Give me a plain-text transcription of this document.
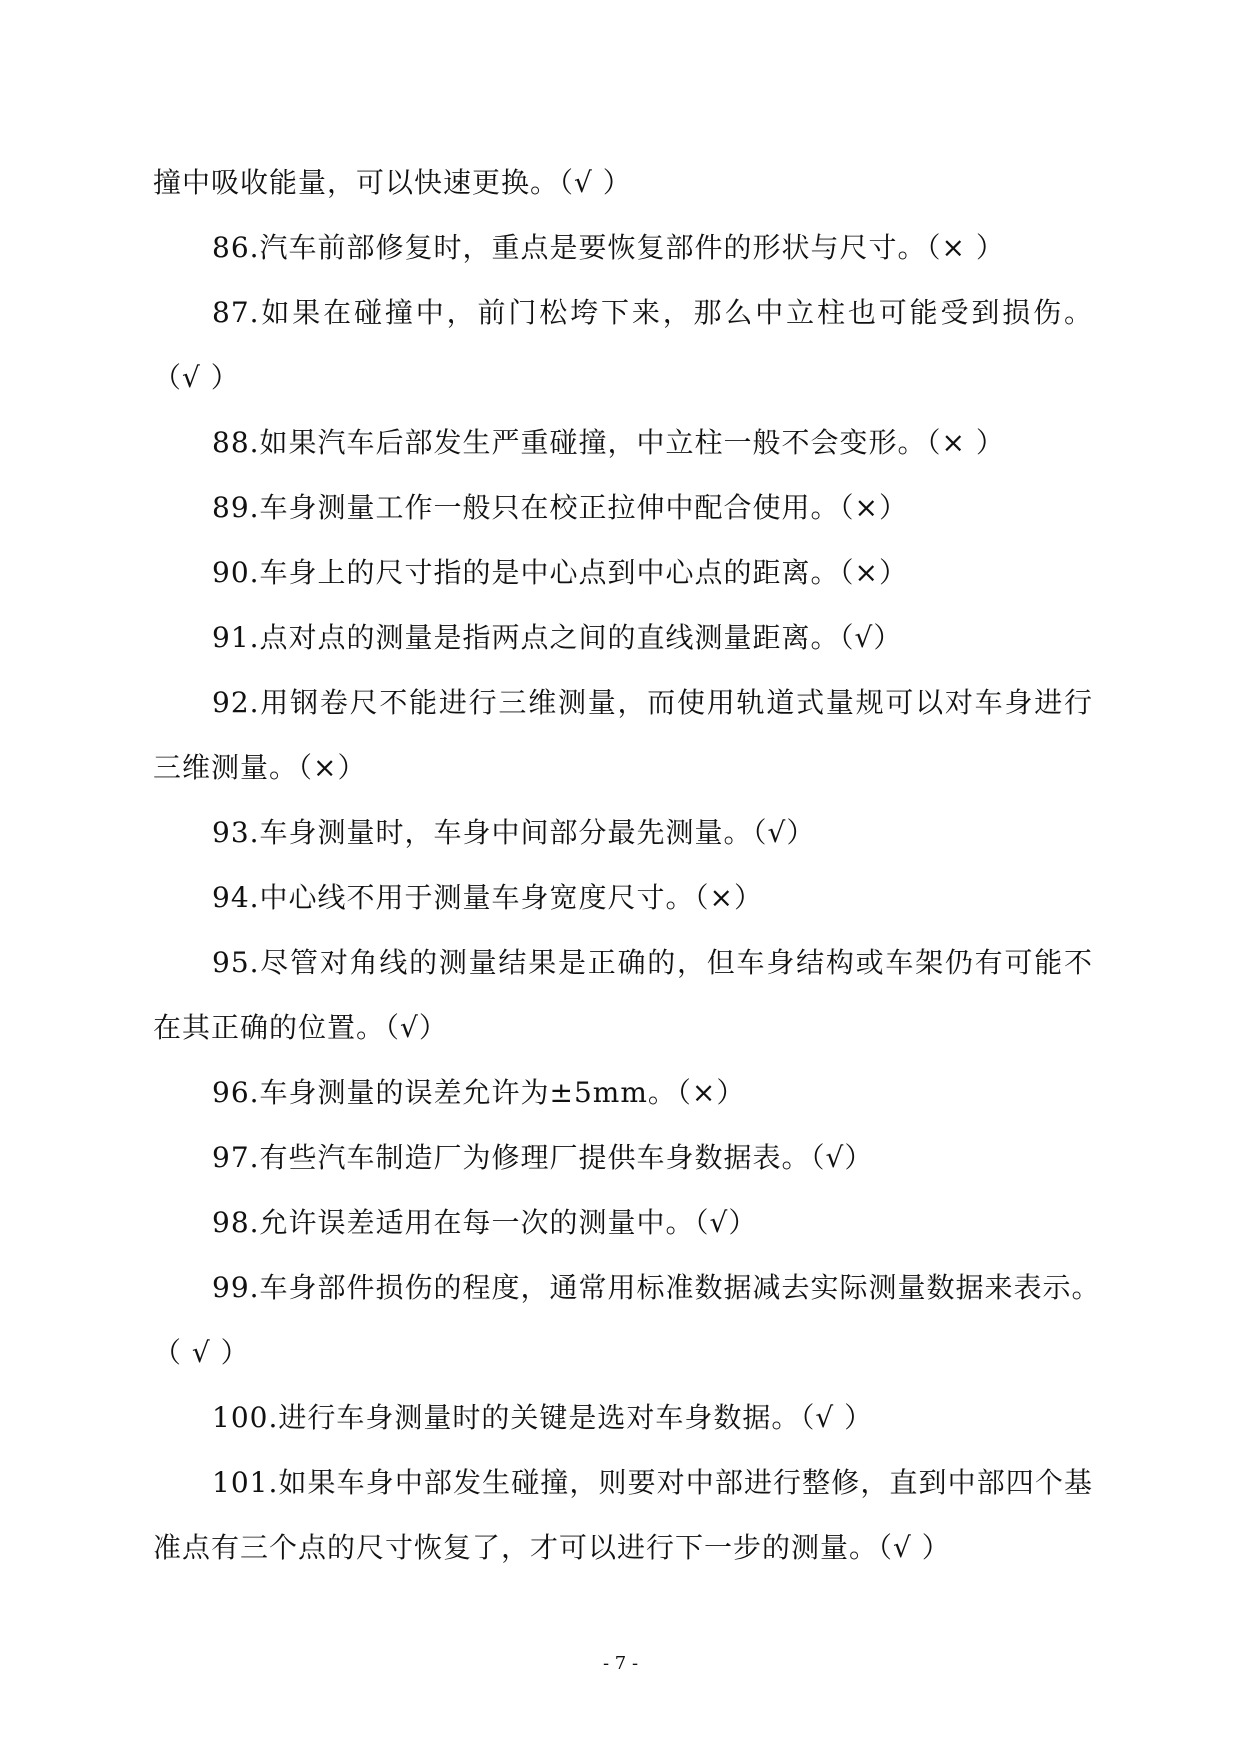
撞中吸收能量，可以快速更换。（√ ）
86.汽车前部修复时，重点是要恢复部件的形状与尺寸。（× ）
87.如果在碰撞中，前门松垮下来，那么中立柱也可能受到损伤。
（√ ）
88.如果汽车后部发生严重碰撞，中立柱一般不会变形。（× ）
89.车身测量工作一般只在校正拉伸中配合使用。（×）
90.车身上的尺寸指的是中心点到中心点的距离。（×）
91.点对点的测量是指两点之间的直线测量距离。（√）
92.用钢卷尺不能进行三维测量，而使用轨道式量规可以对车身进行
三维测量。（×）
93.车身测量时，车身中间部分最先测量。（√）
94.中心线不用于测量车身宽度尺寸。（×）
95.尽管对角线的测量结果是正确的，但车身结构或车架仍有可能不
在其正确的位置。（√）
96.车身测量的误差允许为±5mm。（×）
97.有些汽车制造厂为修理厂提供车身数据表。（√）
98.允许误差适用在每一次的测量中。（√）
99.车身部件损伤的程度，通常用标准数据减去实际测量数据来表示。
（ √ ）
100.进行车身测量时的关键是选对车身数据。（√ ）
101.如果车身中部发生碰撞，则要对中部进行整修，直到中部四个基
准点有三个点的尺寸恢复了，才可以进行下一步的测量。（√ ）
- 7 -
